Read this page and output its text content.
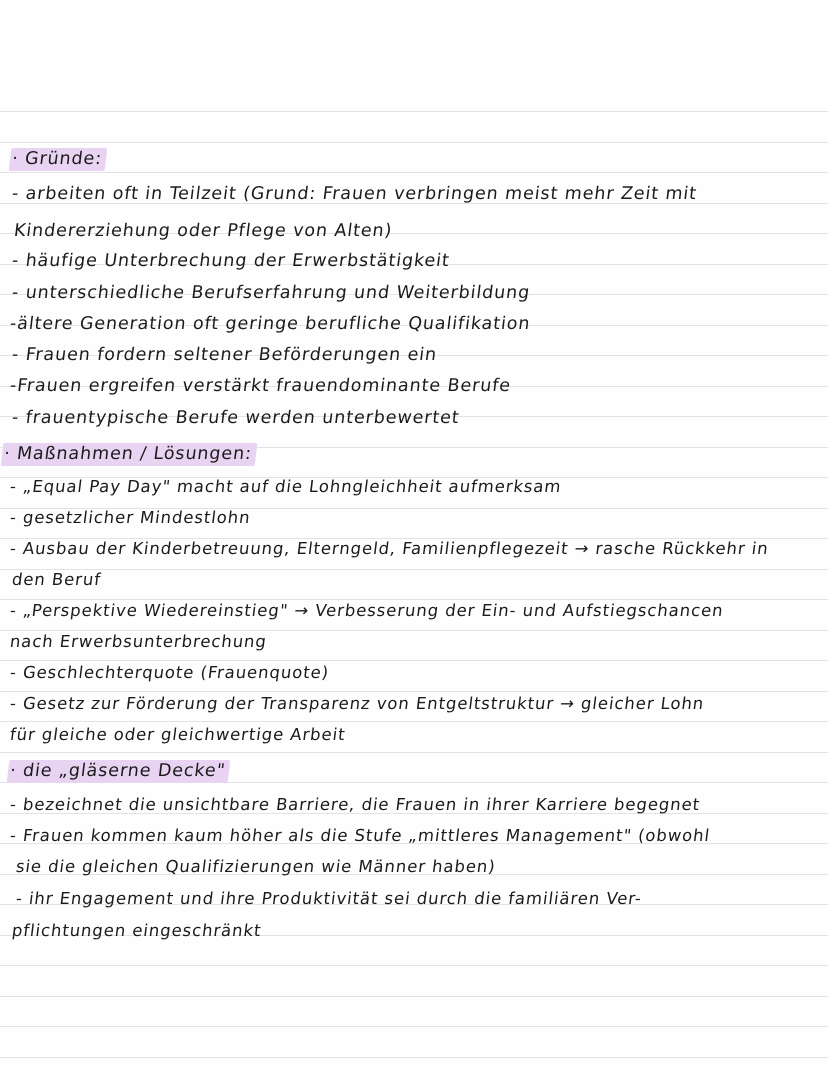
· Gründe:
- arbeiten oft in Teilzeit (Grund: Frauen verbringen meist mehr Zeit mit
Kindererziehung oder Pflege von Alten)
- häufige Unterbrechung der Erwerbstätigkeit
- unterschiedliche Berufserfahrung und Weiterbildung
-ältere Generation oft geringe berufliche Qualifikation
- Frauen fordern seltener Beförderungen ein
-Frauen ergreifen verstärkt frauendominante Berufe
- frauentypische Berufe werden unterbewertet
· Maßnahmen / Lösungen:
- „Equal Pay Day" macht auf die Lohngleichheit aufmerksam
- gesetzlicher Mindestlohn
- Ausbau der Kinderbetreuung, Elterngeld, Familienpflegezeit → rasche Rückkehr in
den Beruf
- „Perspektive Wiedereinstieg" → Verbesserung der Ein- und Aufstiegschancen
nach Erwerbsunterbrechung
- Geschlechterquote (Frauenquote)
- Gesetz zur Förderung der Transparenz von Entgeltstruktur → gleicher Lohn
für gleiche oder gleichwertige Arbeit
· die „gläserne Decke"
- bezeichnet die unsichtbare Barriere, die Frauen in ihrer Karriere begegnet
- Frauen kommen kaum höher als die Stufe „mittleres Management" (obwohl
sie die gleichen Qualifizierungen wie Männer haben)
- ihr Engagement und ihre Produktivität sei durch die familiären Ver-
pflichtungen eingeschränkt
